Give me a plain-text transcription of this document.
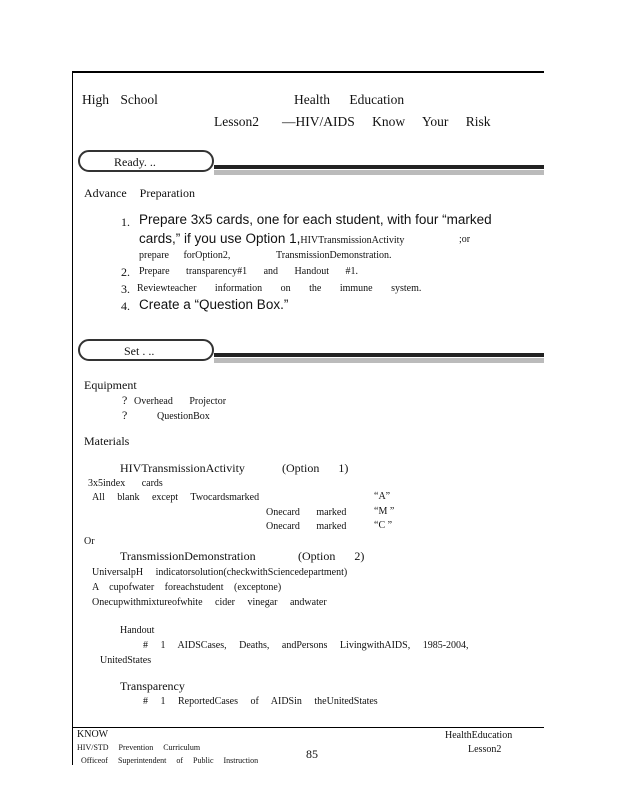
High School	Health Education
Lesson2 —HIV/AIDS Know Your Risk
Ready. ..
Advance Preparation
1. Prepare 3x5 cards, one for each student, with four “marked
cards,” if you use Option 1,HIVTransmissionActivity	;or
prepare forOption2,	TransmissionDemonstration.
2. Prepare transparency#1 and Handout #1.
3. Reviewteacher information on the immune system.
4. Create a “Question Box.”
Set . ..
Equipment
? Overhead Projector
?	QuestionBox
Materials
HIVTransmissionActivity	(Option 1)
3x5index cards
All blank except Twocardsmarked	“A”
Onecard marked	“M ”
Onecard marked	“C ”
Or
TransmissionDemonstration	(Option 2)
UniversalpH indicatorsolution(checkwithSciencedepartment)
A cupofwater foreachstudent (exceptone)
Onecupwithmixtureofwhite cider vinegar andwater
Handout
# 1 AIDSCases, Deaths, andPersons LivingwithAIDS, 1985-2004,
UnitedStates
Transparency
# 1 ReportedCases of AIDSin theUnitedStates
KNOW
HIV/STD Prevention Curriculum
Officeof Superintendent of Public Instruction	85
HealthEducation
Lesson2
